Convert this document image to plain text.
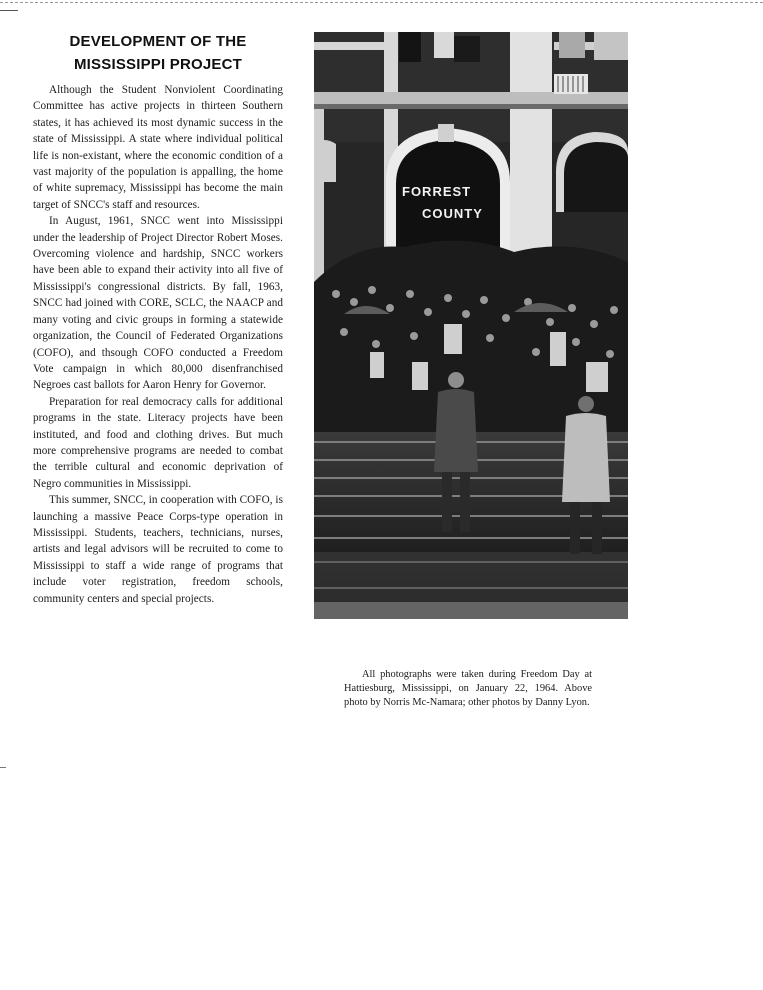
DEVELOPMENT OF THE
MISSISSIPPI PROJECT

Although the Student Nonviolent Coordinating Committee has active projects in thirteen Southern states, it has achieved its most dynamic success in the state of Mississippi. A state where individual political life is non-existant, where the economic condition of a vast majority of the population is appalling, the home of white supremacy, Mississippi has become the main target of SNCC's staff and resources.

In August, 1961, SNCC went into Mississippi under the leadership of Project Director Robert Moses. Overcoming violence and hardship, SNCC workers have been able to expand their activity into all five of Mississippi's congressional districts. By fall, 1963, SNCC had joined with CORE, SCLC, the NAACP and many voting and civic groups in forming a statewide organization, the Council of Federated Organizations (COFO), and thsough COFO conducted a Freedom Vote campaign in which 80,000 disenfranchised Negroes cast ballots for Aaron Henry for Governor.

Preparation for real democracy calls for additional programs in the state. Literacy projects have been instituted, and food and clothing drives. But much more comprehensive programs are needed to combat the terrible cultural and economic deprivation of Negro communities in Mississippi.

This summer, SNCC, in cooperation with COFO, is launching a massive Peace Corps-type operation in Mississippi. Students, teachers, technicians, nurses, artists and legal advisors will be recruited to come to Mississippi to staff a wide range of programs that include voter registration, freedom schools, community centers and special projects.

FORREST
COUNTY

All photographs were taken during Freedom Day at Hattiesburg, Mississippi, on January 22, 1964. Above photo by Norris Mc-Namara; other photos by Danny Lyon.
